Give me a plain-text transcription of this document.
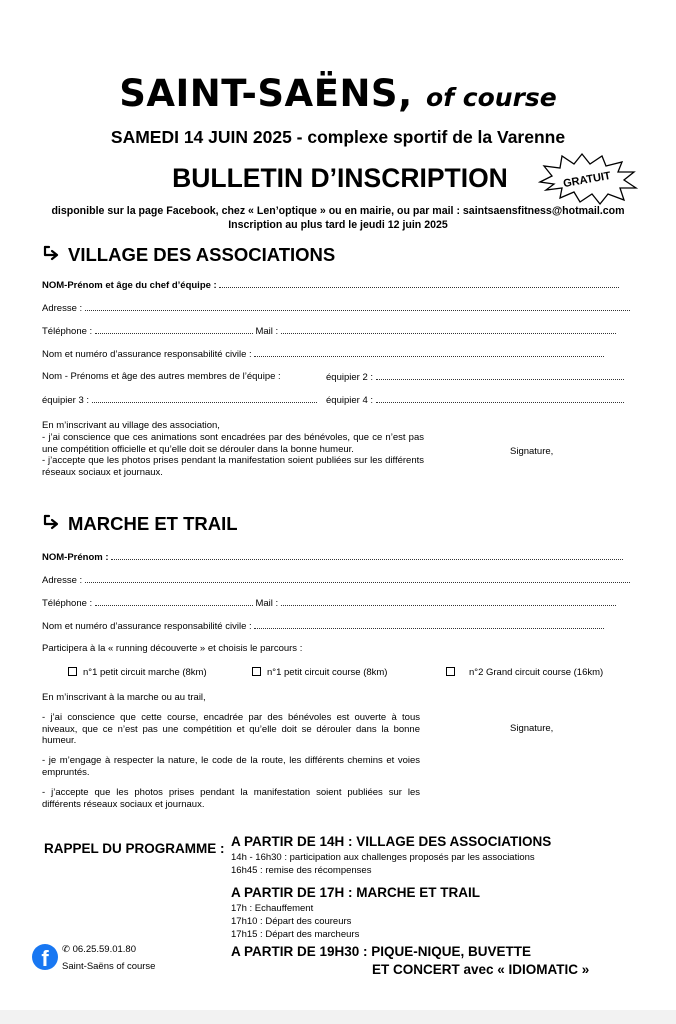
SAINT-SAËNS, of course
SAMEDI 14 JUIN 2025 - complexe sportif de la Varenne
BULLETIN D’INSCRIPTION	GRATUIT
disponible sur la page Facebook, chez « Len’optique » ou en mairie, ou par mail : saintsaensfitness@hotmail.com
Inscription au plus tard le jeudi 12 juin 2025
VILLAGE DES ASSOCIATIONS
NOM-Prénom et âge du chef d’équipe :
Adresse :
Téléphone :	Mail :
Nom et numéro d’assurance responsabilité civile :
Nom - Prénoms et âge des autres membres de l’équipe :	équipier 2 :
équipier 3 :	équipier 4 :
En m’inscrivant au village des association,
- j’ai conscience que ces animations sont encadrées par des bénévoles, que ce n’est pas une compétition officielle et qu’elle doit se dérouler dans la bonne humeur.
- j’accepte que les photos prises pendant la manifestation soient publiées sur les différents réseaux sociaux et journaux.
Signature,
MARCHE ET TRAIL
NOM-Prénom :
Adresse :
Téléphone :	Mail :
Nom et numéro d’assurance responsabilité civile :
Participera à la « running découverte » et choisis le parcours :
n°1 petit circuit marche (8km)	n°1 petit circuit course (8km)	n°2 Grand circuit course (16km)
En m’inscrivant à la marche ou au trail,
- j’ai conscience que cette course, encadrée par des bénévoles est ouverte à tous niveaux, que ce n’est pas une compétition et qu’elle doit se dérouler dans la bonne humeur.
- je m’engage à respecter la nature, le code de la route, les différents chemins et voies empruntés.
- j’accepte que les photos prises pendant la manifestation soient publiées sur les différents réseaux sociaux et journaux.
Signature,
RAPPEL DU PROGRAMME : A PARTIR DE 14H : VILLAGE DES ASSOCIATIONS
14h - 16h30 : participation aux challenges proposés par les associations
16h45 : remise des récompenses
A PARTIR DE 17H : MARCHE ET TRAIL
17h : Echauffement
17h10 : Départ des coureurs
17h15 : Départ des marcheurs
A PARTIR DE 19H30 : PIQUE-NIQUE, BUVETTE
ET CONCERT avec « IDIOMATIC »
f	✆ 06.25.59.01.80
Saint-Saëns of course
